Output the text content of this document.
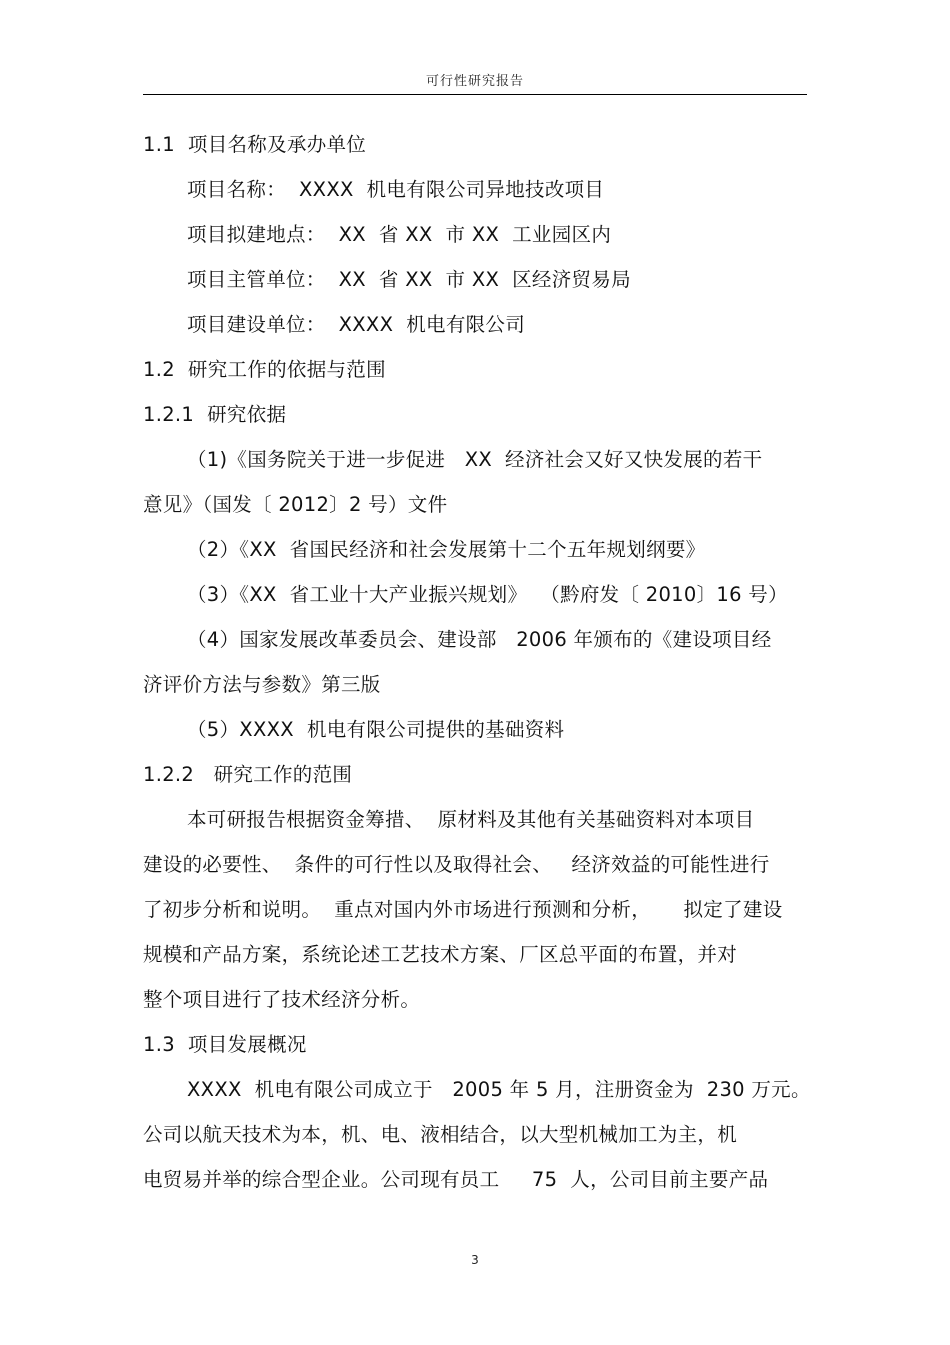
可行性研究报告
1.1  项目名称及承办单位
项目名称：  XXXX  机电有限公司异地技改项目
项目拟建地点：  XX  省 XX  市 XX  工业园区内
项目主管单位：  XX  省 XX  市 XX  区经济贸易局
项目建设单位：  XXXX  机电有限公司
1.2  研究工作的依据与范围
1.2.1  研究依据
（1)《国务院关于进一步促进   XX  经济社会又好又快发展的若干
意见》（国发〔 2012〕2 号）文件
（2）《XX  省国民经济和社会发展第十二个五年规划纲要》
（3）《XX  省工业十大产业振兴规划》  （黔府发〔 2010〕16 号）
（4）国家发展改革委员会、建设部   2006 年颁布的《建设项目经
济评价方法与参数》第三版
（5）XXXX  机电有限公司提供的基础资料
1.2.2   研究工作的范围
本可研报告根据资金筹措、  原材料及其他有关基础资料对本项目
建设的必要性、  条件的可行性以及取得社会、   经济效益的可能性进行
了初步分析和说明。  重点对国内外市场进行预测和分析，     拟定了建设
规模和产品方案，系统论述工艺技术方案、厂区总平面的布置，并对
整个项目进行了技术经济分析。
1.3  项目发展概况
XXXX  机电有限公司成立于   2005 年 5 月，注册资金为  230 万元。
公司以航天技术为本，机、电、液相结合，以大型机械加工为主，机
电贸易并举的综合型企业。公司现有员工     75  人，公司目前主要产品
3
